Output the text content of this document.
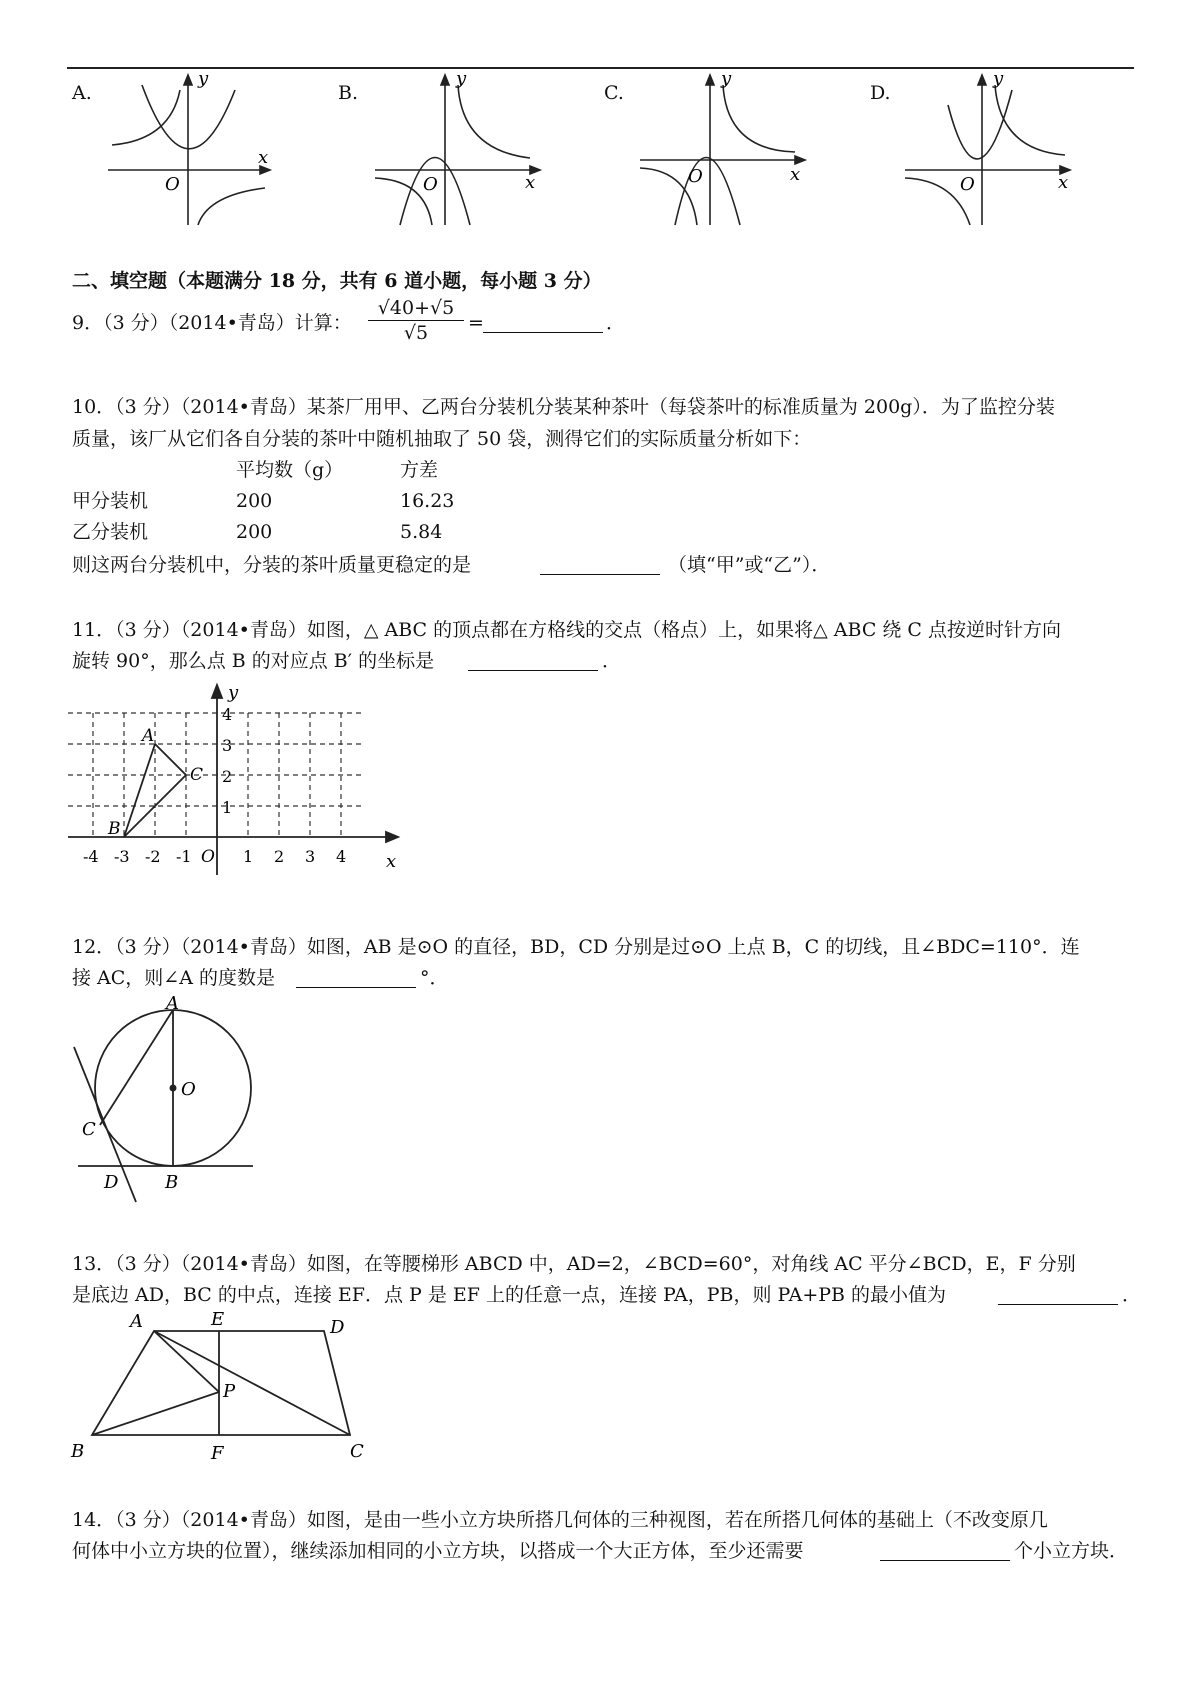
A.	B.	C.	D.
y
x
O
y
x
O
y
x
O
y
x
O
二、填空题（本题满分 18 分，共有 6 道小题，每小题 3 分）
9．（3 分）（2014•青岛）计算：
√40+√5
√5	=	．
10．（3 分）（2014•青岛）某茶厂用甲、乙两台分装机分装某种茶叶（每袋茶叶的标准质量为 200g）．为了监控分装
质量，该厂从它们各自分装的茶叶中随机抽取了 50 袋，测得它们的实际质量分析如下：
平均数（g）	方差
甲分装机	200	16.23
乙分装机	200	5.84
则这两台分装机中，分装的茶叶质量更稳定的是	（填“甲”或“乙”）．
11．（3 分）（2014•青岛）如图，△ ABC 的顶点都在方格线的交点（格点）上，如果将△ ABC 绕 C 点按逆时针方向
旋转 90°，那么点 B 的对应点 B′ 的坐标是	．
y
x
4
3
2
1
-4 -3 -2 -1	1 2 3 4
O
A
B
C
12．（3 分）（2014•青岛）如图，AB 是⊙O 的直径，BD，CD 分别是过⊙O 上点 B，C 的切线，且∠BDC=110°．连
接 AC，则∠A 的度数是	°．
A
O
C
D	B
13．（3 分）（2014•青岛）如图，在等腰梯形 ABCD 中，AD=2，∠BCD=60°，对角线 AC 平分∠BCD，E，F 分别
是底边 AD，BC 的中点，连接 EF．点 P 是 EF 上的任意一点，连接 PA，PB，则 PA+PB 的最小值为	．
A	E	D
P
B	F	C
14．（3 分）（2014•青岛）如图，是由一些小立方块所搭几何体的三种视图，若在所搭几何体的基础上（不改变原几
何体中小立方块的位置），继续添加相同的小立方块，以搭成一个大正方体，至少还需要	个小立方块．
